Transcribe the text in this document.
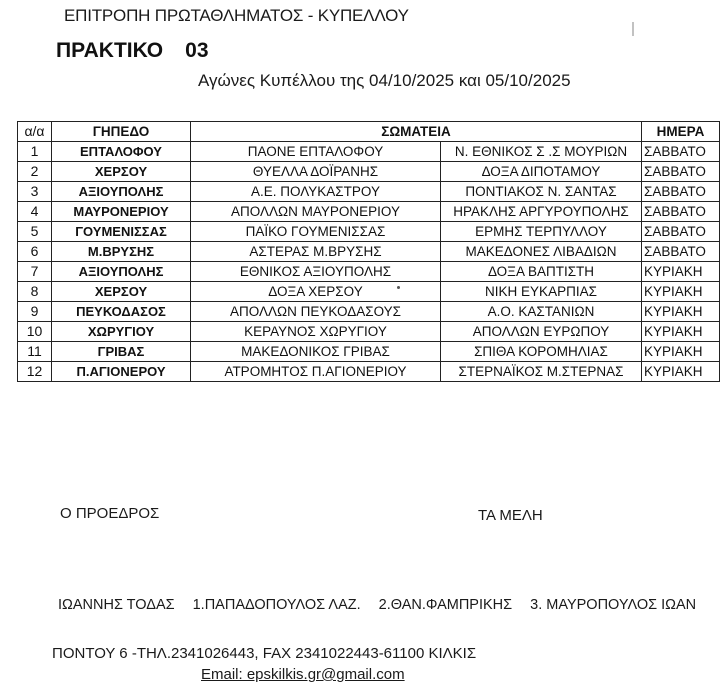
ΕΠΙΤΡΟΠΗ ΠΡΩΤΑΘΛΗΜΑΤΟΣ - ΚΥΠΕΛΛΟΥ
ΠΡΑΚΤΙΚΟ 03
Αγώνες Κυπέλλου της 04/10/2025 και 05/10/2025
α/α	ΓΗΠΕΔΟ	ΣΩΜΑΤΕΙΑ		ΗΜΕΡΑ
1	ΕΠΤΑΛΟΦΟΥ	ΠΑΟΝΕ ΕΠΤΑΛΟΦΟΥ	Ν. ΕΘΝΙΚΟΣ Σ .Σ ΜΟΥΡΙΩΝ	ΣΑΒΒΑΤΟ
2	ΧΕΡΣΟΥ	ΘΥΕΛΛΑ ΔΟΪΡΑΝΗΣ	ΔΟΞΑ ΔΙΠΟΤΑΜΟΥ	ΣΑΒΒΑΤΟ
3	ΑΞΙΟΥΠΟΛΗΣ	Α.Ε. ΠΟΛΥΚΑΣΤΡΟΥ	ΠΟΝΤΙΑΚΟΣ Ν. ΣΑΝΤΑΣ	ΣΑΒΒΑΤΟ
4	ΜΑΥΡΟΝΕΡΙΟΥ	ΑΠΟΛΛΩΝ ΜΑΥΡΟΝΕΡΙΟΥ	ΗΡΑΚΛΗΣ ΑΡΓΥΡΟΥΠΟΛΗΣ	ΣΑΒΒΑΤΟ
5	ΓΟΥΜΕΝΙΣΣΑΣ	ΠΑΪΚΟ ΓΟΥΜΕΝΙΣΣΑΣ	ΕΡΜΗΣ ΤΕΡΠΥΛΛΟΥ	ΣΑΒΒΑΤΟ
6	Μ.ΒΡΥΣΗΣ	ΑΣΤΕΡΑΣ Μ.ΒΡΥΣΗΣ	ΜΑΚΕΔΟΝΕΣ ΛΙΒΑΔΙΩΝ	ΣΑΒΒΑΤΟ
7	ΑΞΙΟΥΠΟΛΗΣ	ΕΘΝΙΚΟΣ ΑΞΙΟΥΠΟΛΗΣ	ΔΟΞΑ ΒΑΠΤΙΣΤΗ	ΚΥΡΙΑΚΗ
8	ΧΕΡΣΟΥ	ΔΟΞΑ ΧΕΡΣΟΥ	ΝΙΚΗ ΕΥΚΑΡΠΙΑΣ	ΚΥΡΙΑΚΗ
9	ΠΕΥΚΟΔΑΣΟΣ	ΑΠΟΛΛΩΝ ΠΕΥΚΟΔΑΣΟΥΣ	Α.Ο. ΚΑΣΤΑΝΙΩΝ	ΚΥΡΙΑΚΗ
10	ΧΩΡΥΓΙΟΥ	ΚΕΡΑΥΝΟΣ ΧΩΡΥΓΙΟΥ	ΑΠΟΛΛΩΝ ΕΥΡΩΠΟΥ	ΚΥΡΙΑΚΗ
11	ΓΡΙΒΑΣ	ΜΑΚΕΔΟΝΙΚΟΣ ΓΡΙΒΑΣ	ΣΠΙΘΑ ΚΟΡΟΜΗΛΙΑΣ	ΚΥΡΙΑΚΗ
12	Π.ΑΓΙΟΝΕΡΟΥ	ΑΤΡΟΜΗΤΟΣ Π.ΑΓΙΟΝΕΡΙΟΥ	ΣΤΕΡΝΑΪΚΟΣ Μ.ΣΤΕΡΝΑΣ	ΚΥΡΙΑΚΗ
Ο ΠΡΟΕΔΡΟΣ	ΤΑ ΜΕΛΗ
ΙΩΑΝΝΗΣ ΤΟΔΑΣ 1.ΠΑΠΑΔΟΠΟΥΛΟΣ ΛΑΖ. 2.ΘΑΝ.ΦΑΜΠΡΙΚΗΣ 3. ΜΑΥΡΟΠΟΥΛΟΣ ΙΩΑΝ
ΠΟΝΤΟΥ 6 -ΤΗΛ.2341026443, FAX 2341022443-61100 ΚΙΛΚΙΣ
Email: epskilkis.gr@gmail.com
